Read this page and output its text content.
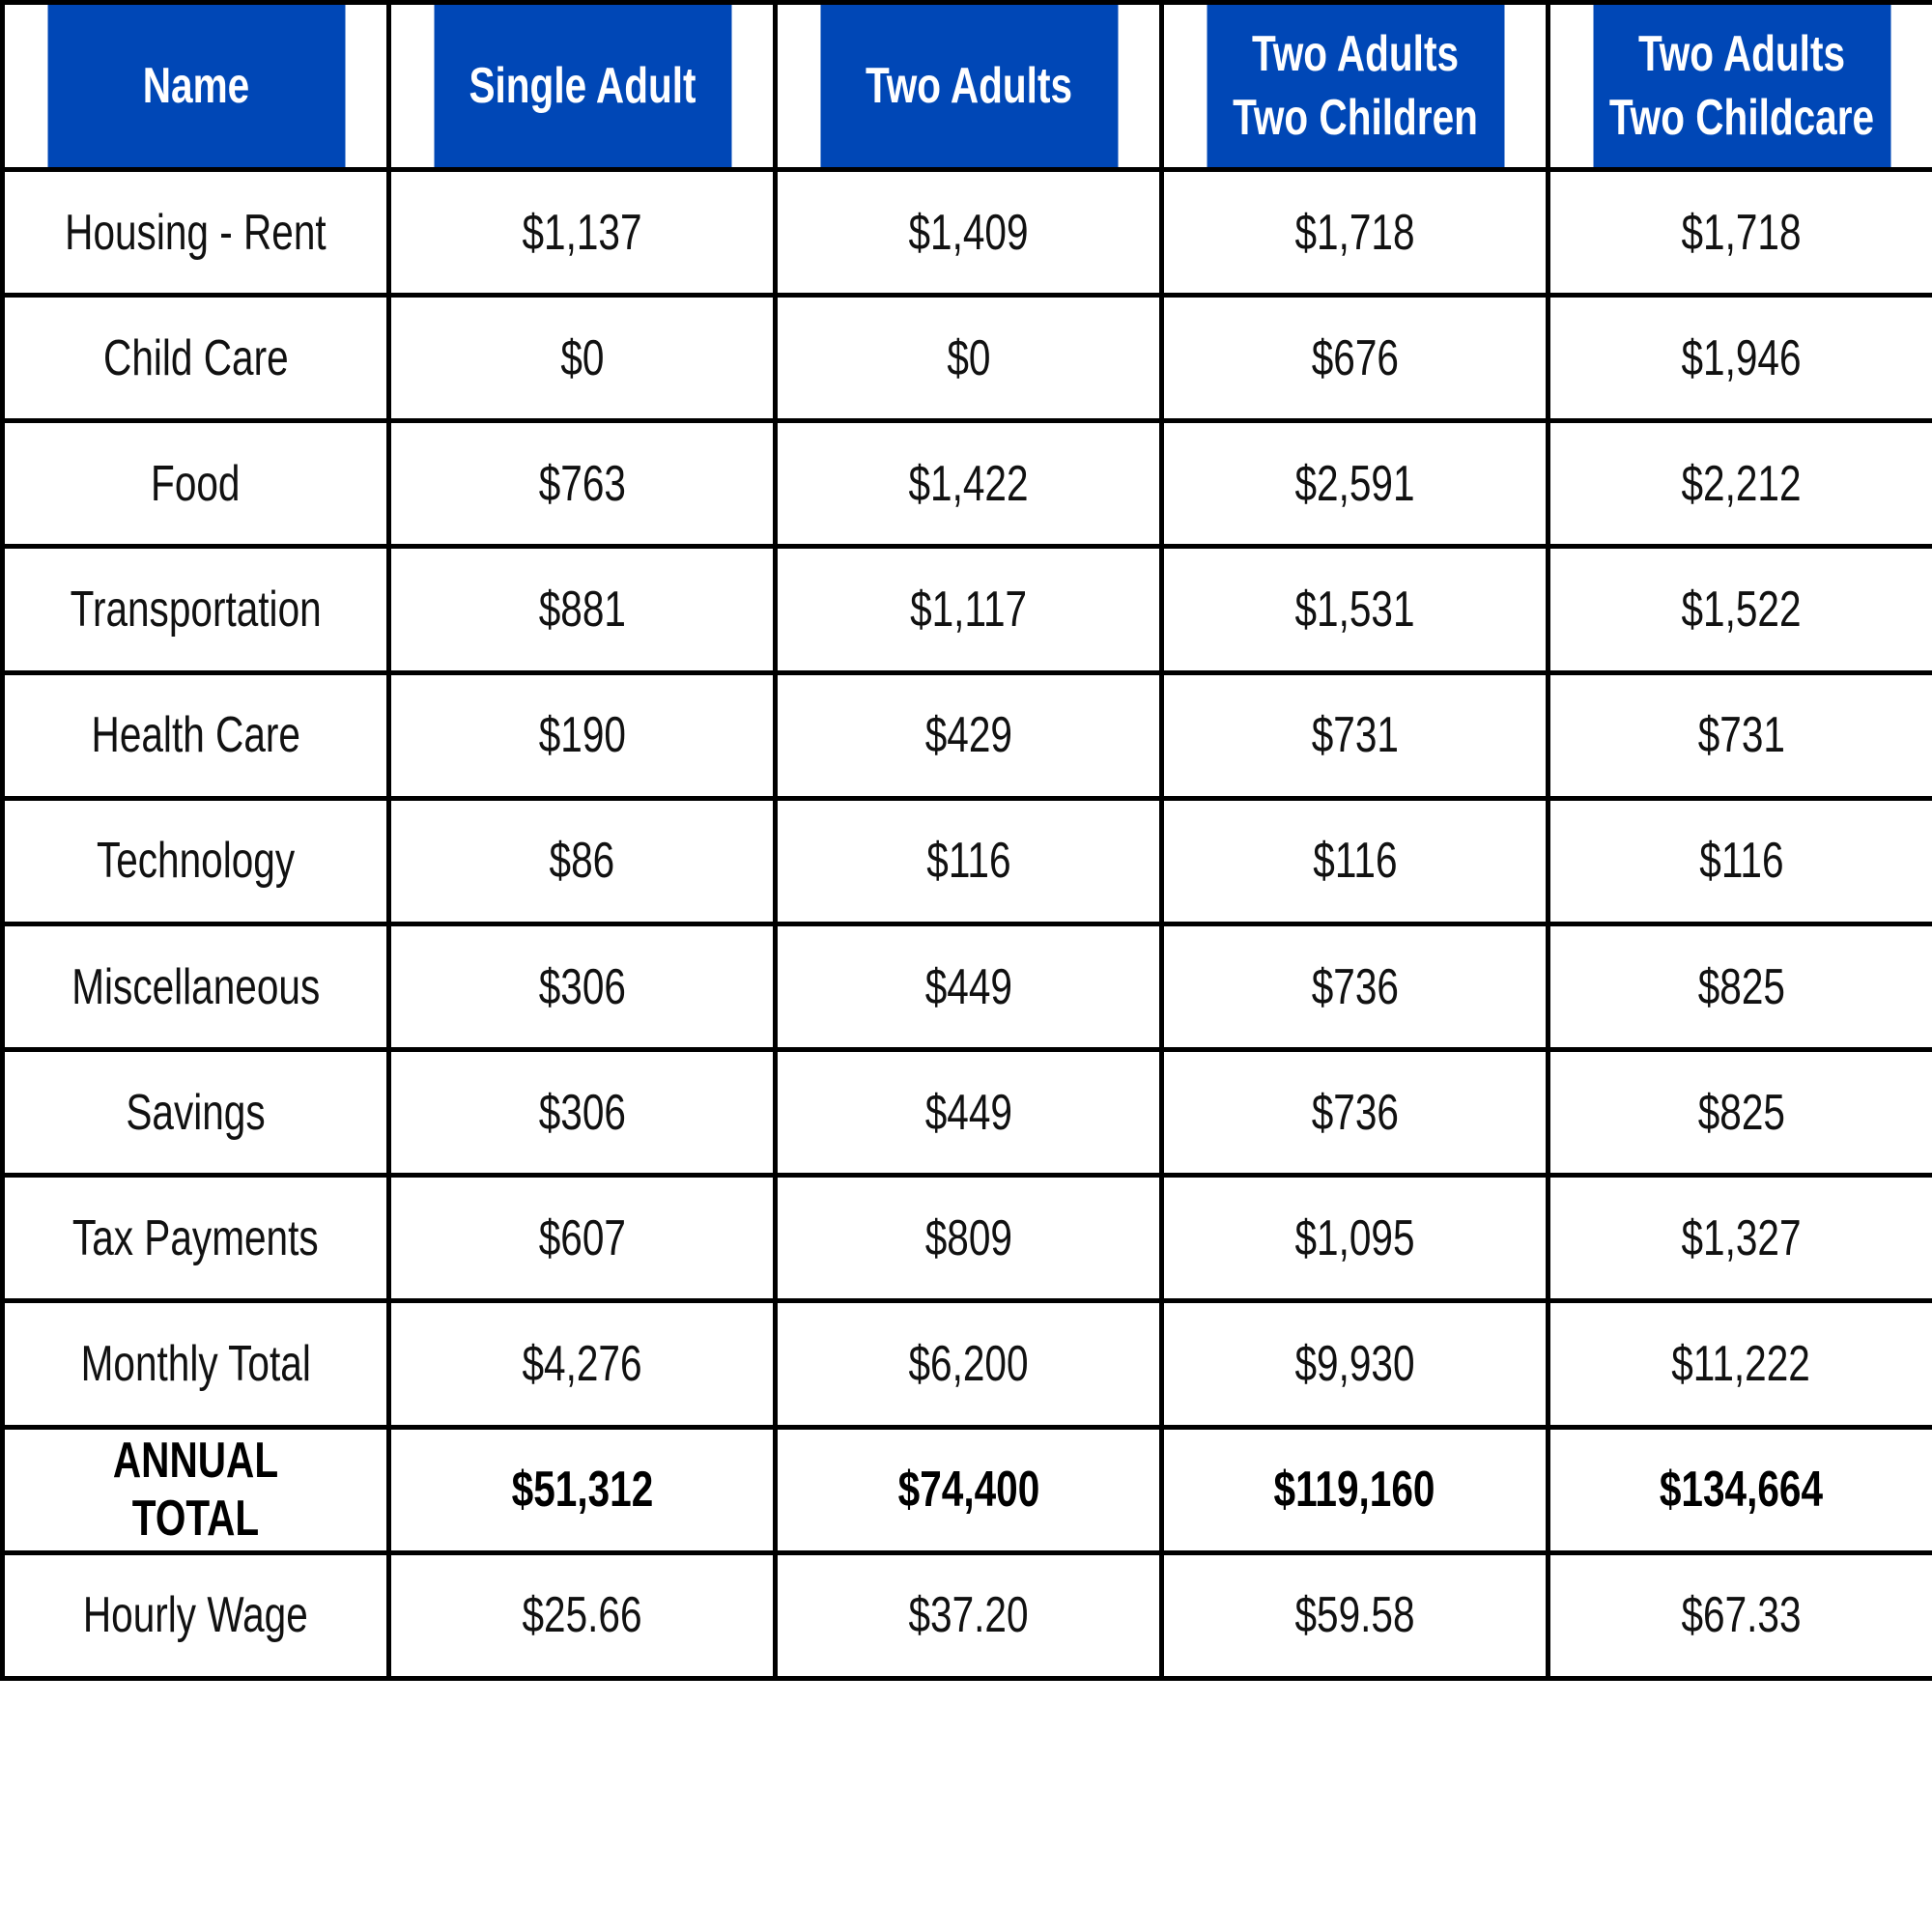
Name	Single Adult	Two Adults	Two Adults Two Children	Two Adults Two Childcare
Housing - Rent	$1,137	$1,409	$1,718	$1,718
Child Care	$0	$0	$676	$1,946
Food	$763	$1,422	$2,591	$2,212
Transportation	$881	$1,117	$1,531	$1,522
Health Care	$190	$429	$731	$731
Technology	$86	$116	$116	$116
Miscellaneous	$306	$449	$736	$825
Savings	$306	$449	$736	$825
Tax Payments	$607	$809	$1,095	$1,327
Monthly Total	$4,276	$6,200	$9,930	$11,222
ANNUAL TOTAL	$51,312	$74,400	$119,160	$134,664
Hourly Wage	$25.66	$37.20	$59.58	$67.33
